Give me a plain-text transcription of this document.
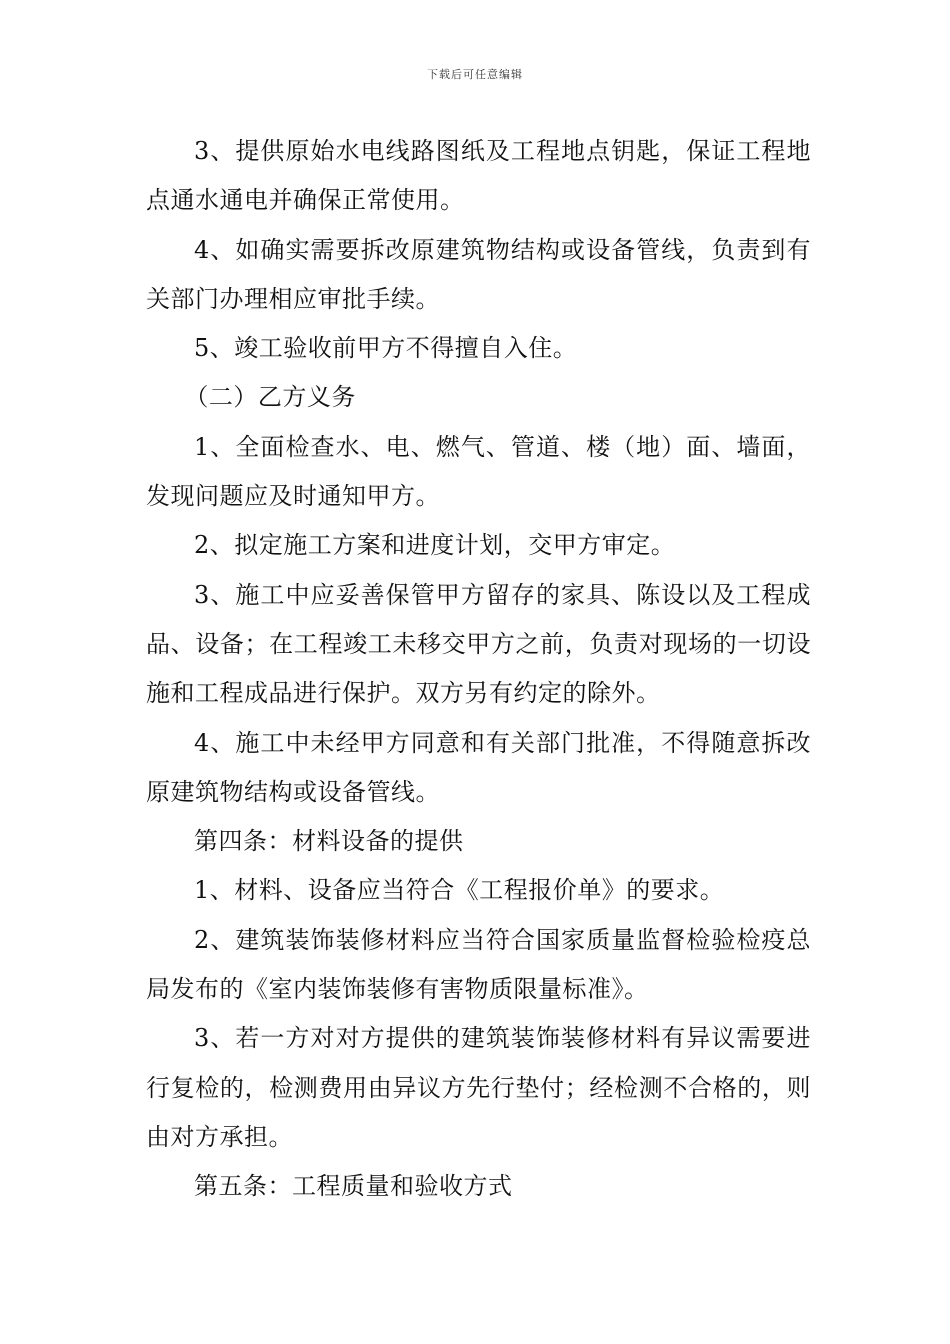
下载后可任意编辑

3、提供原始水电线路图纸及工程地点钥匙，保证工程地点通水通电并确保正常使用。

4、如确实需要拆改原建筑物结构或设备管线，负责到有关部门办理相应审批手续。

5、竣工验收前甲方不得擅自入住。

（二）乙方义务

1、全面检查水、电、燃气、管道、楼（地）面、墙面，发现问题应及时通知甲方。

2、拟定施工方案和进度计划，交甲方审定。

3、施工中应妥善保管甲方留存的家具、陈设以及工程成品、设备；在工程竣工未移交甲方之前，负责对现场的一切设施和工程成品进行保护。双方另有约定的除外。

4、施工中未经甲方同意和有关部门批准，不得随意拆改原建筑物结构或设备管线。

第四条：材料设备的提供

1、材料、设备应当符合《工程报价单》的要求。

2、建筑装饰装修材料应当符合国家质量监督检验检疫总局发布的《室内装饰装修有害物质限量标准》。

3、若一方对对方提供的建筑装饰装修材料有异议需要进行复检的，检测费用由异议方先行垫付；经检测不合格的，则由对方承担。

第五条：工程质量和验收方式
